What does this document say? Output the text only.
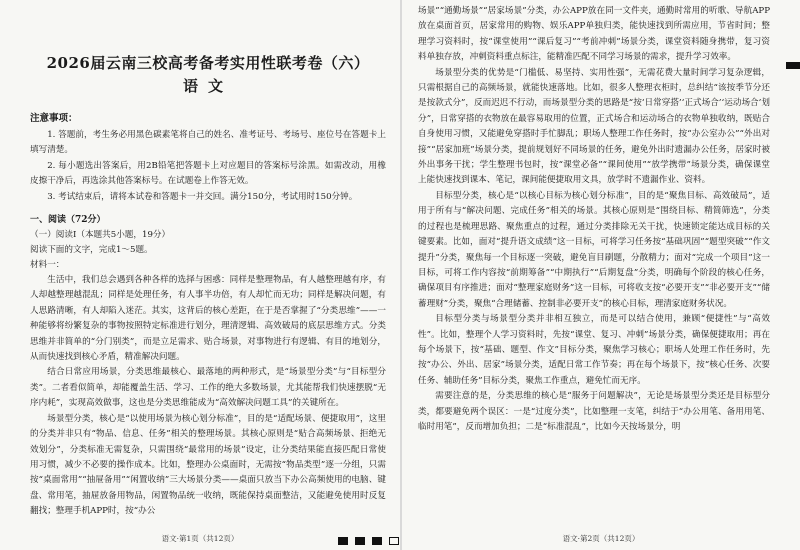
2026届云南三校高考备考实用性联考卷（六）
语文
注意事项：

1. 答题前，考生务必用黑色碳素笔将自己的姓名、准考证号、考场号、座位号在答题卡上填写清楚。

2. 每小题选出答案后，用2B铅笔把答题卡上对应题目的答案标号涂黑。如需改动，用橡皮擦干净后，再选涂其他答案标号。在试题卷上作答无效。

3. 考试结束后，请将本试卷和答题卡一并交回。满分150分，考试用时150分钟。

一、阅读（72分）
（一）阅读Ⅰ（本题共5小题，19分）
阅读下面的文字，完成1～5题。
材料一：

生活中，我们总会遇到各种各样的选择与困惑：同样是整理物品，有人越整理越有序，有人却越整理越混乱；同样是处理任务，有人事半功倍，有人却忙而无功；同样是解决问题，有人思路清晰，有人却陷入迷茫。其实，这背后的核心差距，在于是否掌握了“分类思维”——一种能够将纷繁复杂的事物按照特定标准进行划分，理清逻辑、高效破局的底层思维方式。分类思维并非简单的“分门别类”，而是立足需求、贴合场景，对事物进行有逻辑、有目的地划分，从而快速找到核心矛盾，精准解决问题。

结合日常应用场景，分类思维最核心、最落地的两种形式，是“场景型分类”与“目标型分类”。二者看似简单，却能覆盖生活、学习、工作的绝大多数场景，尤其能帮我们快速摆脱“无序内耗”，实现高效做事，这也是分类思维能成为“高效解决问题工具”的关键所在。

场景型分类，核心是“以使用场景为核心划分标准”，目的是“适配场景、便捷取用”，这里的分类并非只有“物品、信息、任务”相关的整理场景。其核心原则是“贴合高频场景、拒绝无效划分”，分类标准无需复杂，只需围绕“最常用的场景”设定，让分类结果能直接匹配日常使用习惯，减少不必要的操作成本。比如，整理办公桌面时，无需按“物品类型”逐一分组，只需按“桌面常用”“抽屉备用”“闲置收纳”三大场景分类——桌面只放当下办公高频使用的电脑、键盘、常用笔，抽屉放备用物品，闲置物品统一收纳，既能保持桌面整洁，又能避免使用时反复翻找；整理手机APP时，按“办公

语文·第1页（共12页）

场景”“通勤场景”“居家场景”分类，办公APP放在同一文件夹，通勤时常用的听歌、导航APP放在桌面首页，居家常用的购物、娱乐APP单独归类，能快速找到所需应用，节省时间；整理学习资料时，按“课堂使用”“课后复习”“考前冲刺”场景分类，课堂资料随身携带，复习资料单独存放，冲刺资料重点标注，能精准匹配不同学习场景的需求，提升学习效率。

场景型分类的优势是“门槛低、易坚持、实用性强”，无需花费大量时间学习复杂逻辑，只需根据自己的高频场景，就能快速落地。比如，很多人整理衣柜时，总纠结“该按季节分还是按款式分”，反而迟迟不行动，而场景型分类的思路是“按‘日常穿搭’‘正式场合’‘运动场合’划分”，日常穿搭的衣物放在最容易取用的位置，正式场合和运动场合的衣物单独收纳，既贴合自身使用习惯，又能避免穿搭时手忙脚乱；职场人整理工作任务时，按“办公室办公”“外出对接”“居家加班”场景分类，提前规划好不同场景的任务，避免外出时遗漏办公任务，居家时被外出事务干扰；学生整理书包时，按“课堂必备”“课间使用”“放学携带”场景分类，确保课堂上能快速找到课本、笔记，课间能便捷取用文具，放学时不遗漏作业、资料。

目标型分类，核心是“以核心目标为核心划分标准”，目的是“聚焦目标、高效破局”，适用于所有与“解决问题、完成任务”相关的场景。其核心原则是“围绕目标、精简筛选”，分类的过程也是梳理思路、聚焦重点的过程，通过分类排除无关干扰，快速锁定能达成目标的关键要素。比如，面对“提升语文成绩”这一目标，可将学习任务按“基础巩固”“题型突破”“作文提升”分类，聚焦每一个目标逐一突破，避免盲目刷题，分散精力；面对“完成一个项目”这一目标，可将工作内容按“前期筹备”“中期执行”“后期复盘”分类，明确每个阶段的核心任务，确保项目有序推进；面对“整理家庭财务”这一目标，可将收支按“必要开支”“非必要开支”“储蓄理财”分类，聚焦“合理储蓄、控制非必要开支”的核心目标，理清家庭财务状况。

目标型分类与场景型分类并非相互独立，而是可以结合使用，兼顾“便捷性”与“高效性”。比如，整理个人学习资料时，先按“课堂、复习、冲刺”场景分类，确保便捷取用；再在每个场景下，按“基础、题型、作文”目标分类，聚焦学习核心；职场人处理工作任务时，先按“办公、外出、居家”场景分类，适配日常工作节奏；再在每个场景下，按“核心任务、次要任务、辅助任务”目标分类，聚焦工作重点，避免忙而无序。

需要注意的是，分类思维的核心是“服务于问题解决”，无论是场景型分类还是目标型分类，都要避免两个误区：一是“过度分类”，比如整理一支笔，纠结于“办公用笔、备用用笔、临时用笔”，反而增加负担；二是“标准混乱”，比如今天按场景分，明

语文·第2页（共12页）
